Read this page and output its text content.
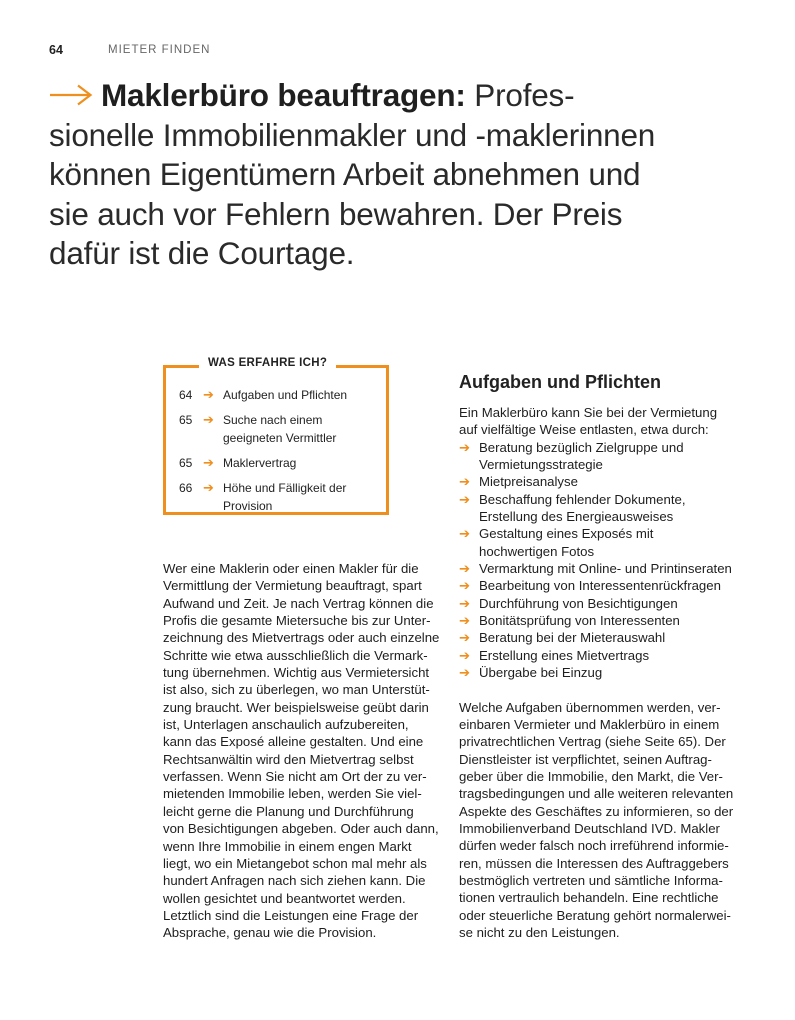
64	MIETER FINDEN
Maklerbüro beauftragen: Profes-
sionelle Immobilienmakler und -maklerinnen
können Eigentümern Arbeit abnehmen und
sie auch vor Fehlern bewahren. Der Preis
dafür ist die Courtage.
WAS ERFAHRE ICH?
64 ➔ Aufgaben und Pflichten
65 ➔ Suche nach einem
geeigneten Vermittler
65 ➔ Maklervertrag
66 ➔ Höhe und Fälligkeit der Provision
Wer eine Maklerin oder einen Makler für die
Vermittlung der Vermietung beauftragt, spart
Aufwand und Zeit. Je nach Vertrag können die
Profis die gesamte Mietersuche bis zur Unter-
zeichnung des Mietvertrags oder auch einzelne
Schritte wie etwa ausschließlich die Vermark-
tung übernehmen. Wichtig aus Vermietersicht
ist also, sich zu überlegen, wo man Unterstüt-
zung braucht. Wer beispielsweise geübt darin
ist, Unterlagen anschaulich aufzubereiten,
kann das Exposé alleine gestalten. Und eine
Rechtsanwältin wird den Mietvertrag selbst
verfassen. Wenn Sie nicht am Ort der zu ver-
mietenden Immobilie leben, werden Sie viel-
leicht gerne die Planung und Durchführung
von Besichtigungen abgeben. Oder auch dann,
wenn Ihre Immobilie in einem engen Markt
liegt, wo ein Mietangebot schon mal mehr als
hundert Anfragen nach sich ziehen kann. Die
wollen gesichtet und beantwortet werden.
Letztlich sind die Leistungen eine Frage der
Absprache, genau wie die Provision.
Aufgaben und Pflichten
Ein Maklerbüro kann Sie bei der Vermietung
auf vielfältige Weise entlasten, etwa durch:
➔ Beratung bezüglich Zielgruppe und
Vermietungsstrategie
➔ Mietpreisanalyse
➔ Beschaffung fehlender Dokumente,
Erstellung des Energieausweises
➔ Gestaltung eines Exposés mit
hochwertigen Fotos
➔ Vermarktung mit Online- und Printinseraten
➔ Bearbeitung von Interessentenrückfragen
➔ Durchführung von Besichtigungen
➔ Bonitätsprüfung von Interessenten
➔ Beratung bei der Mieterauswahl
➔ Erstellung eines Mietvertrags
➔ Übergabe bei Einzug
Welche Aufgaben übernommen werden, ver-
einbaren Vermieter und Maklerbüro in einem
privatrechtlichen Vertrag (siehe Seite 65). Der
Dienstleister ist verpflichtet, seinen Auftrag-
geber über die Immobilie, den Markt, die Ver-
tragsbedingungen und alle weiteren relevanten
Aspekte des Geschäftes zu informieren, so der
Immobilienverband Deutschland IVD. Makler
dürfen weder falsch noch irreführend informie-
ren, müssen die Interessen des Auftraggebers
bestmöglich vertreten und sämtliche Informa-
tionen vertraulich behandeln. Eine rechtliche
oder steuerliche Beratung gehört normalerwei-
se nicht zu den Leistungen.
